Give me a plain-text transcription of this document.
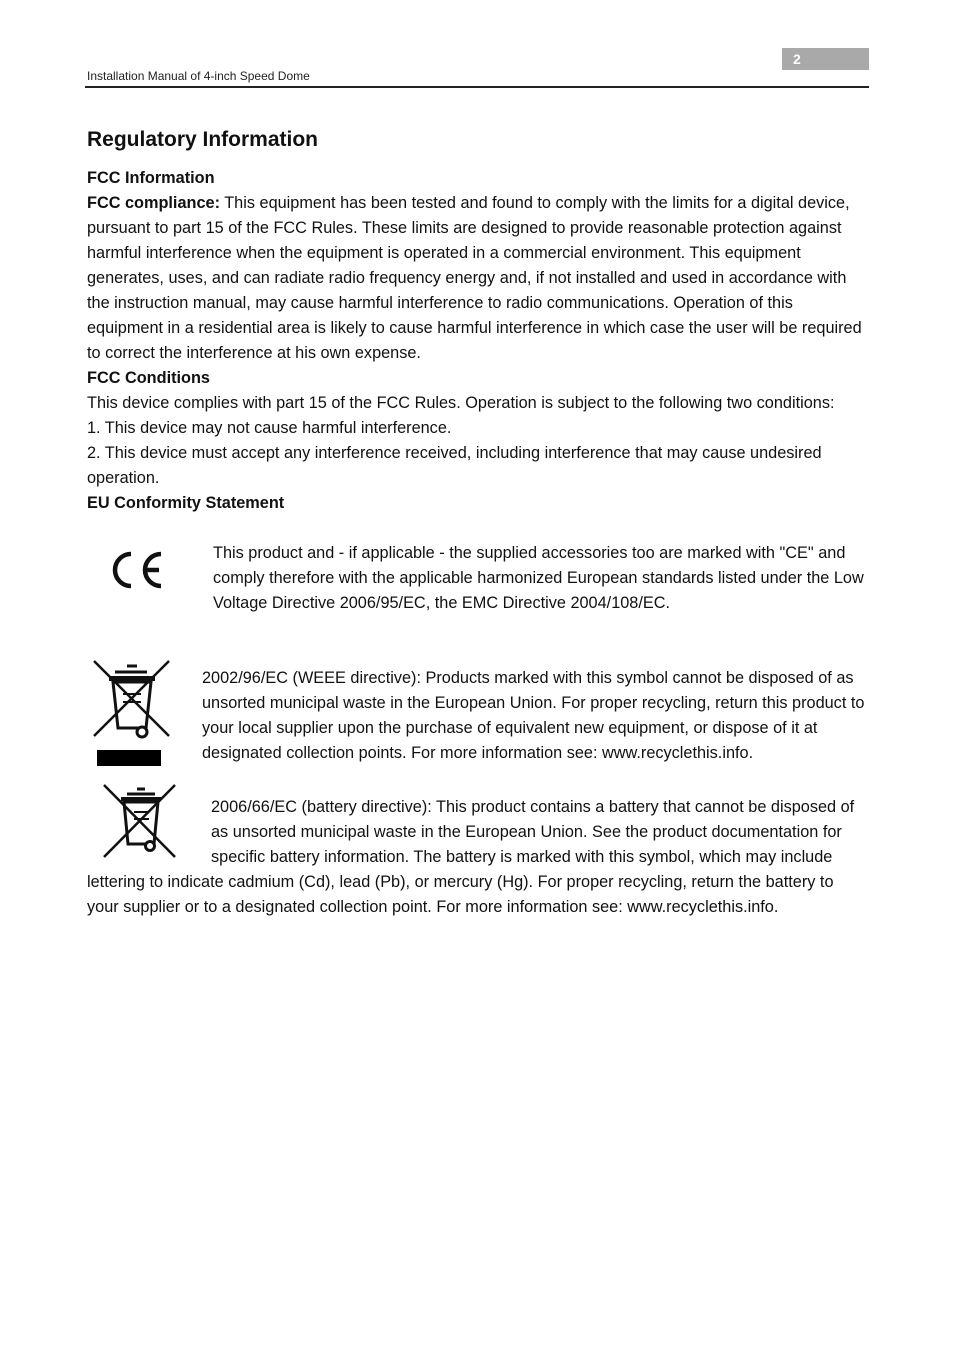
2
Installation Manual of 4-inch Speed Dome
Regulatory Information

FCC Information

FCC compliance: This equipment has been tested and found to comply with the limits for a digital device, pursuant to part 15 of the FCC Rules. These limits are designed to provide reasonable protection against harmful interference when the equipment is operated in a commercial environment. This equipment generates, uses, and can radiate radio frequency energy and, if not installed and used in accordance with the instruction manual, may cause harmful interference to radio communications. Operation of this equipment in a residential area is likely to cause harmful interference in which case the user will be required to correct the interference at his own expense.

FCC Conditions

This device complies with part 15 of the FCC Rules. Operation is subject to the following two conditions:

1. This device may not cause harmful interference.

2. This device must accept any interference received, including interference that may cause undesired operation.

EU Conformity Statement

This product and - if applicable - the supplied accessories too are marked with "CE" and comply therefore with the applicable harmonized European standards listed under the Low Voltage Directive 2006/95/EC, the EMC Directive 2004/108/EC.

2002/96/EC (WEEE directive): Products marked with this symbol cannot be disposed of as unsorted municipal waste in the European Union. For proper recycling, return this product to your local supplier upon the purchase of equivalent new equipment, or dispose of it at designated collection points. For more information see: www.recyclethis.info.

2006/66/EC (battery directive): This product contains a battery that cannot be disposed of as unsorted municipal waste in the European Union. See the product documentation for specific battery information. The battery is marked with this symbol, which may include lettering to indicate cadmium (Cd), lead (Pb), or mercury (Hg). For proper recycling, return the battery to your supplier or to a designated collection point. For more information see: www.recyclethis.info.
